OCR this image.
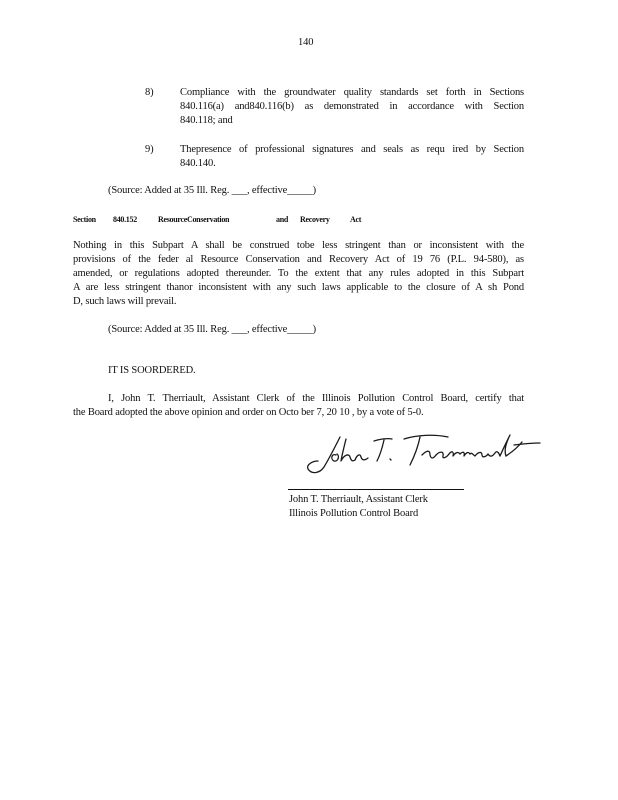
140
8)	Compliance with the groundwater quality standards set forth in Sections
840.116(a) and840.116(b) as demonstrated in accordance with Section
840.118; and
9)	Thepresence of professional signatures and seals as requ ired by Section
840.140.
(Source: Added at 35 Ill. Reg. ___, effective_____)
Section 840.152	ResourceConservation	and Recovery	Act
Nothing in this Subpart A shall be construed tobe less stringent than or inconsistent with the
provisions of the feder al Resource Conservation and Recovery Act of 19 76 (P.L. 94-580), as
amended, or regulations adopted thereunder. To the extent that any rules adopted in this Subpart
A are less stringent thanor inconsistent with any such laws applicable to the closure of A sh Pond
D, such laws will prevail.
(Source: Added at 35 Ill. Reg. ___, effective_____)
IT IS SOORDERED.
I, John T. Therriault, Assistant Clerk of the Illinois Pollution Control Board, certify that
the Board adopted the above opinion and order on Octo ber 7, 20 10 , by a vote of 5-0.
John T. Therriault, Assistant Clerk
Illinois Pollution Control Board
